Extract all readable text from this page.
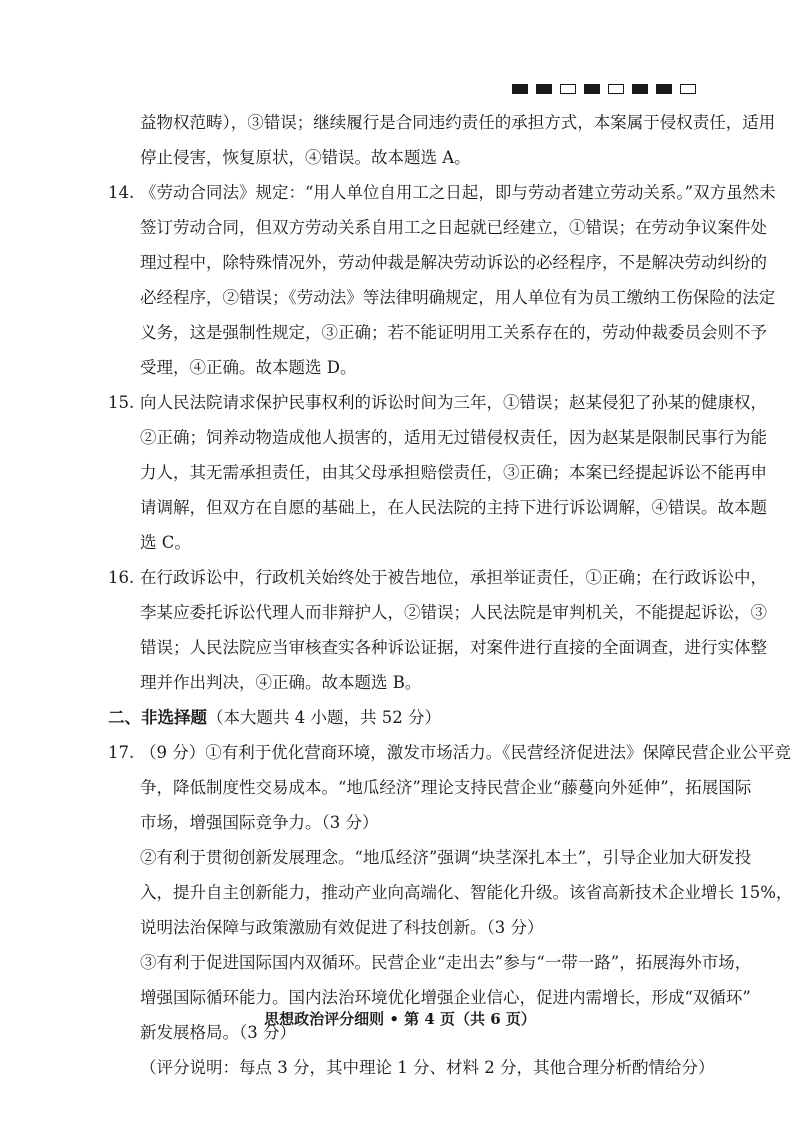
益物权范畴），③错误；继续履行是合同违约责任的承担方式，本案属于侵权责任，适用
停止侵害，恢复原状，④错误。故本题选 A。
14. 《劳动合同法》规定：“用人单位自用工之日起，即与劳动者建立劳动关系。”双方虽然未
签订劳动合同，但双方劳动关系自用工之日起就已经建立，①错误；在劳动争议案件处
理过程中，除特殊情况外，劳动仲裁是解决劳动诉讼的必经程序，不是解决劳动纠纷的
必经程序，②错误；《劳动法》等法律明确规定，用人单位有为员工缴纳工伤保险的法定
义务，这是强制性规定，③正确；若不能证明用工关系存在的，劳动仲裁委员会则不予
受理，④正确。故本题选 D。
15. 向人民法院请求保护民事权利的诉讼时间为三年，①错误；赵某侵犯了孙某的健康权，
②正确；饲养动物造成他人损害的，适用无过错侵权责任，因为赵某是限制民事行为能
力人，其无需承担责任，由其父母承担赔偿责任，③正确；本案已经提起诉讼不能再申
请调解，但双方在自愿的基础上，在人民法院的主持下进行诉讼调解，④错误。故本题
选 C。
16. 在行政诉讼中，行政机关始终处于被告地位，承担举证责任，①正确；在行政诉讼中，
李某应委托诉讼代理人而非辩护人，②错误；人民法院是审判机关，不能提起诉讼，③
错误；人民法院应当审核查实各种诉讼证据，对案件进行直接的全面调查，进行实体整
理并作出判决，④正确。故本题选 B。
二、非选择题（本大题共 4 小题，共 52 分）
17. （9 分）①有利于优化营商环境，激发市场活力。《民营经济促进法》保障民营企业公平竞
争，降低制度性交易成本。“地瓜经济”理论支持民营企业“藤蔓向外延伸”，拓展国际
市场，增强国际竞争力。（3 分）
②有利于贯彻创新发展理念。“地瓜经济”强调“块茎深扎本土”，引导企业加大研发投
入，提升自主创新能力，推动产业向高端化、智能化升级。该省高新技术企业增长 15%，
说明法治保障与政策激励有效促进了科技创新。（3 分）
③有利于促进国际国内双循环。民营企业“走出去”参与“一带一路”，拓展海外市场，
增强国际循环能力。国内法治环境优化增强企业信心，促进内需增长，形成“双循环”
新发展格局。（3 分）
（评分说明：每点 3 分，其中理论 1 分、材料 2 分，其他合理分析酌情给分）
思想政治评分细则 • 第 4 页（共 6 页）
